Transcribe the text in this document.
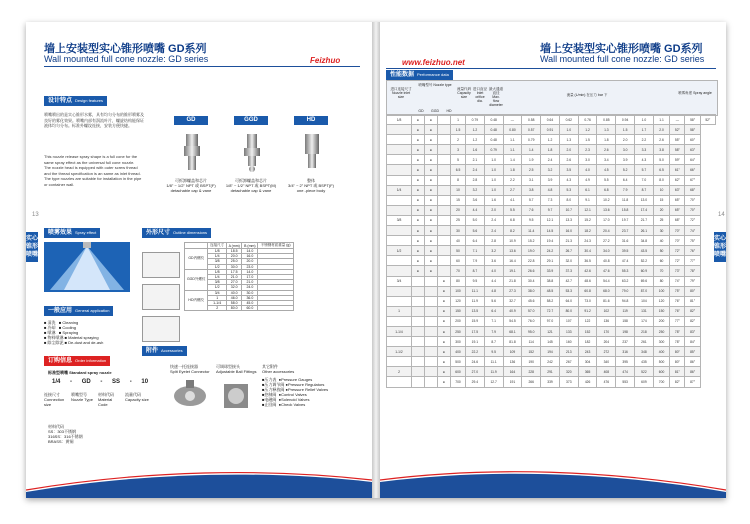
墙上安装型实心锥形喷嘴 GD系列
Wall mounted full cone nozzle: GD series	Feizhuo
设计特点 Design features
喷嘴喷出的是实心锥形水雾，具有均匀分布的锥形喷雾及良好的雾化效果。喷嘴内部有涡流叶片，螺旋结构能保证液体均匀分布。标准外螺纹连接，安装方便快捷。
This nozzle release spray shape is a full cone for the same spray effect as the universal full cone nozzle. The nozzle head is equipped with outer screw thread and the thread specification is an same as inlet thread. The type nozzles are suitable for installation in the pipe or container wall.
13
实心锥形喷嘴
GD	GGD	HD
可拆卸螺盖和芯片
1/8" ~ 1/2" NPT 或 BSPT(F)
detachable cap & vane
可拆卸螺盖和芯片
1/8" ~ 1/2" NPT 或 BSPT(M)
detachable cap & vane
整体
3/4" ~ 2" NPT 或 BSPT(F)
one -piece body
喷雾效果 Spray effect	外形尺寸 Outline dimensions
	连接尺寸	A (mm)	B (mm)	不锈钢材质重量 (g)
GD内螺纹	1/8	18.5	14.0	
	1/4	20.0	16.0	
	3/8	25.0	20.0	
	1/2	30.0	23.0	
GGD外螺纹	1/8	17.5	14.0	
	1/4	21.0	17.0	
	3/8	27.0	21.0	
	1/2	32.0	24.0	
HD内螺纹	3/4	40.0	30.0	
	1	46.0	36.0	
	1-1/4	58.0	45.0	
	2	80.0	60.0	
一般应用 General application
■ 清洗   ■ Cleaning
■ 冷却   ■ Cooling
■ 喷淋   ■ Spraying
■ 物料喷淋 ■ Material spraying
■ 除尘除泥 ■ De-dust and de-ash
附件 Accessories
快速一托连接器
Split Eyelet Connector
可调球型接头
Adjustable Ball Fittings
其它附件
Other accessories
■压力表  ●Pressure Gauges
■压力调节阀 ●Pressure Regulators
■压力释放阀 ●Pressure Relief Valves
■控制阀  ●Control Valves
■电磁阀  ●Solenoid Valves
■止回阀  ●Check Valves
订购信息 Order information
标准型喷嘴 Standard spray nozzle
1/4 - GD - SS - 10
连接尺寸 Connection size
喷嘴型号 Nozzle Type
材料代码 Material Code
流量代码 Capacity size
材料代码
SS：303不锈钢
316SS：316不锈钢
BRASS：黄铜
www.feizhuo.net
墙上安装型实心锥形喷嘴 GD系列
Wall mounted full cone nozzle: GD series
性能数据 Performance data
实心锥形喷嘴
14
进口连接尺寸 Nozzle inlet size
喷嘴型号 Nozzle type
GD	GGD	HD
流量代码 Capacity size
进口直径 Inlet orifice dia.
最大通道直径 Max. flow diameter
流量 (L/min) 在压力 bar 下	喷雾角度 Spray angle
1/8	●	●		1	0.79	0.48	—	0.58	0.64	0.62	0.76	0.85	0.94	1.0	1.1	—	58°	52°
	●	●		1.5	1.2	0.48	0.80	0.57	0.91	1.0	1.2	1.3	1.5	1.7	2.0	52°	58°	
	●	●		2	1.2	0.48	1.1	0.79	1.2	1.3	1.5	1.8	2.0	2.2	2.6	55°	60°	
	●	●		3	1.6	0.79	1.1	1.4	1.8	2.0	2.3	2.6	3.0	3.3	3.8	58°	63°	
	●	●		5	2.1	1.0	1.4	1.9	2.4	2.6	3.0	3.4	3.9	4.3	5.0	59°	64°	
	●	●		6.5	2.4	1.0	1.8	2.5	3.2	3.5	4.0	4.5	5.2	5.7	6.5	61°	66°	
	●	●		8	2.8	1.0	2.2	3.1	3.9	4.3	4.9	5.5	6.4	7.0	8.0	62°	67°	
1/4	●	●		10	3.2	1.0	2.7	3.8	4.8	5.3	6.1	6.8	7.9	8.7	10	63°	68°	
	●	●		15	3.6	1.6	4.1	5.7	7.3	8.0	9.1	10.2	11.8	13.0	15	65°	70°	
	●	●		20	4.4	2.0	5.5	7.6	9.7	10.7	12.1	13.6	15.8	17.4	20	65°	70°	
3/8	●	●		25	5.0	2.4	6.8	9.5	12.1	13.3	15.2	17.0	19.7	21.7	25	68°	72°	
	●	●		30	5.6	2.4	8.2	11.4	14.5	16.0	18.2	20.4	23.7	26.1	30	70°	74°	
	●	●		40	6.4	2.8	10.9	15.2	19.4	21.3	24.3	27.2	31.6	34.8	40	70°	75°	
1/2	●	●		50	7.1	3.2	13.6	19.0	24.2	26.7	30.4	34.0	39.5	43.5	50	72°	76°	
	●	●		60	7.9	3.6	16.4	22.8	29.1	32.0	36.5	40.8	47.4	52.2	60	72°	77°	
	●	●		70	8.7	4.0	19.1	26.6	33.9	37.3	42.6	47.6	55.3	60.9	70	73°	78°	
3/4			●	80	9.5	4.4	21.8	30.4	38.8	42.7	48.6	54.4	63.2	69.6	80	74°	79°	
			●	100	11.1	4.8	27.3	38.0	48.5	53.3	60.8	68.0	79.0	87.0	100	75°	80°	
			●	120	11.9	5.6	32.7	45.6	58.2	64.0	73.0	81.6	94.8	104	120	76°	81°	
1			●	150	13.5	6.4	40.9	57.0	72.7	80.0	91.2	102	119	131	150	76°	82°	
			●	200	15.9	7.1	54.5	76.0	97.0	107	122	136	158	174	200	77°	82°	
1-1/4			●	250	17.5	7.9	68.1	95.0	121	133	152	170	198	218	250	78°	83°	
			●	300	19.1	8.7	81.8	114	145	160	182	204	237	261	300	78°	84°	
1-1/2			●	400	22.2	9.5	109	152	194	213	243	272	316	348	400	80°	85°	
			●	500	24.6	11.1	136	190	242	267	304	340	395	435	500	80°	86°	
2			●	600	27.0	11.9	164	228	291	320	365	408	474	522	600	81°	86°	
			●	700	29.4	12.7	191	266	339	373	426	476	553	609	700	82°	87°	
